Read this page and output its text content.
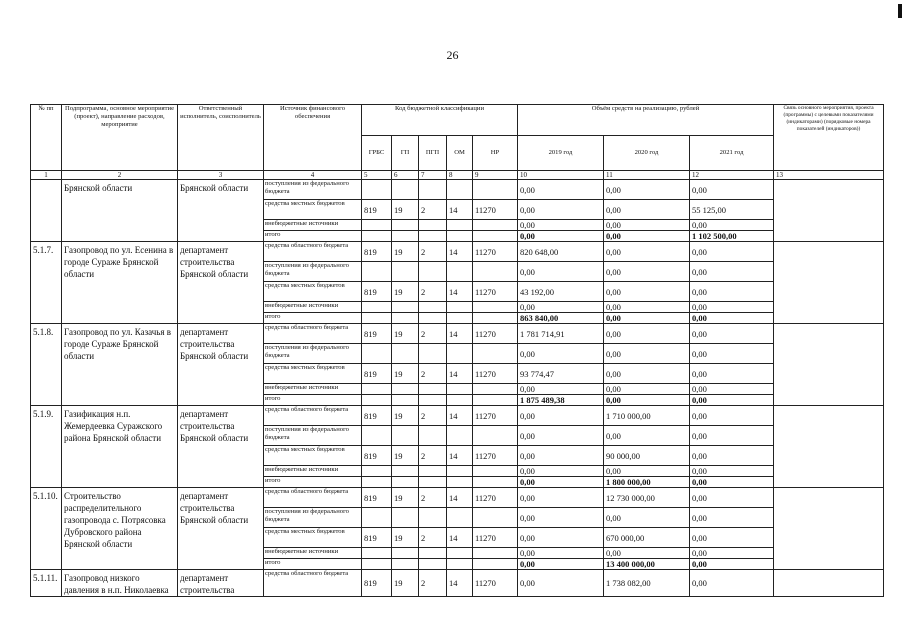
26
№ пп	Подпрограмма, основное мероприятие (проект), направление расходов, мероприятие	Ответственный исполнитель, соисполнитель	Источник финансового обеспечения	Код бюджетной классификации					Объём средств на реализацию, рублей			Связь основного мероприятия, проекта (программы) с целевыми показателями (индикаторами) (порядковые номера показателей (индикаторов))
				ГРБС	ГП	ПГП	ОМ	НР	2019 год	2020 год	2021 год	
1	2	3	4	5	6	7	8	9	10	11	12	13
	Брянской области	Брянской области	поступления из федерального бюджета						0,00	0,00	0,00	
			средства местных бюджетов	819	19	2	14	11270	0,00	0,00	55 125,00	
			внебюджетные источники						0,00	0,00	0,00	
			итого						0,00	0,00	1 102 500,00	
5.1.7.	Газопровод по ул. Есенина в городе Сураже Брянской области	департамент строительства Брянской области	средства областного бюджета	819	19	2	14	11270	820 648,00	0,00	0,00	
			поступления из федерального бюджета						0,00	0,00	0,00	
			средства местных бюджетов	819	19	2	14	11270	43 192,00	0,00	0,00	
			внебюджетные источники						0,00	0,00	0,00	
			итого						863 840,00	0,00	0,00	
5.1.8.	Газопровод по ул. Казачья в городе Сураже Брянской области	департамент строительства Брянской области	средства областного бюджета	819	19	2	14	11270	1 781 714,91	0,00	0,00	
			поступления из федерального бюджета						0,00	0,00	0,00	
			средства местных бюджетов	819	19	2	14	11270	93 774,47	0,00	0,00	
			внебюджетные источники						0,00	0,00	0,00	
			итого						1 875 489,38	0,00	0,00	
5.1.9.	Газификация н.п. Жемердеевка Суражского района Брянской области	департамент строительства Брянской области	средства областного бюджета	819	19	2	14	11270	0,00	1 710 000,00	0,00	
			поступления из федерального бюджета						0,00	0,00	0,00	
			средства местных бюджетов	819	19	2	14	11270	0,00	90 000,00	0,00	
			внебюджетные источники						0,00	0,00	0,00	
			итого						0,00	1 800 000,00	0,00	
5.1.10.	Строительство распределительного газопровода с. Потрясовка Дубровского района Брянской области	департамент строительства Брянской области	средства областного бюджета	819	19	2	14	11270	0,00	12 730 000,00	0,00	
			поступления из федерального бюджета						0,00	0,00	0,00	
			средства местных бюджетов	819	19	2	14	11270	0,00	670 000,00	0,00	
			внебюджетные источники						0,00	0,00	0,00	
			итого						0,00	13 400 000,00	0,00	
5.1.11.	Газопровод низкого давления в н.п. Николаевка	департамент строительства	средства областного бюджета	819	19	2	14	11270	0,00	1 738 082,00	0,00	
